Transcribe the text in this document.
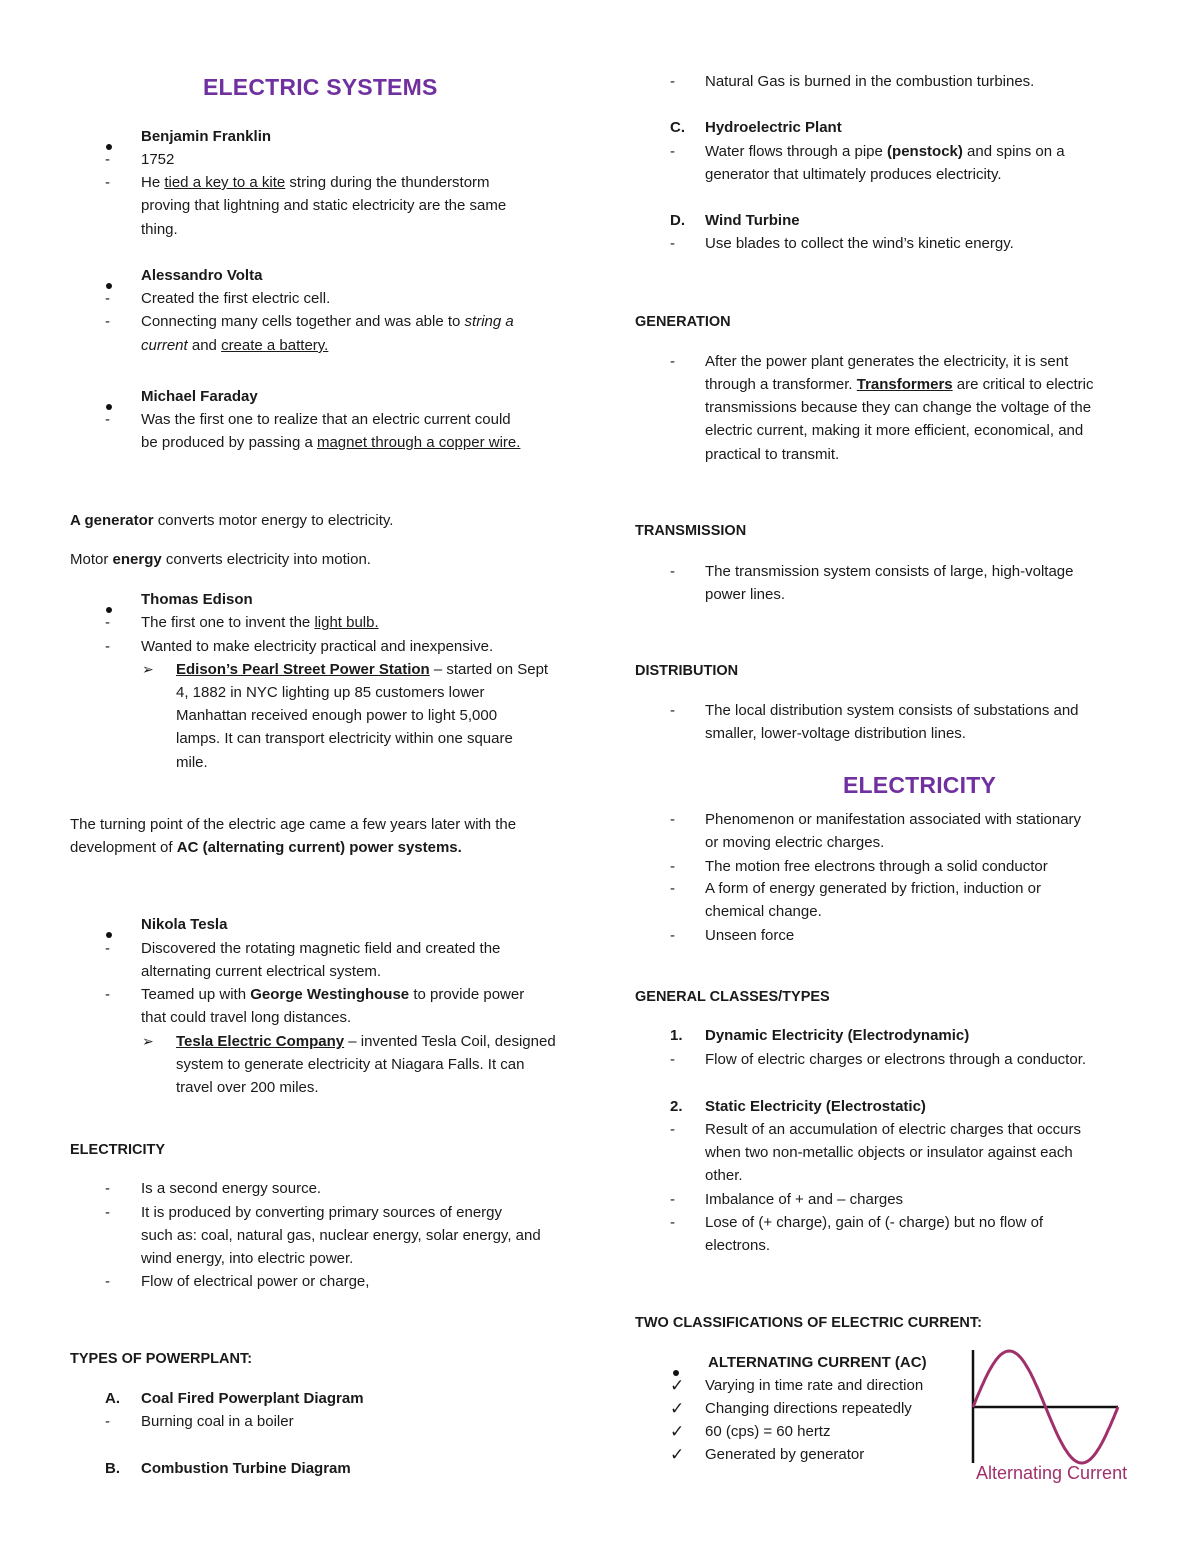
ELECTRIC SYSTEMS
Benjamin Franklin
-	1752
-	He tied a key to a kite string during the thunderstorm
proving that lightning and static electricity are the same
thing.
Alessandro Volta
-	Created the first electric cell.
-	Connecting many cells together and was able to string a
current and create a battery.
Michael Faraday
-	Was the first one to realize that an electric current could
be produced by passing a magnet through a copper wire.
A generator converts motor energy to electricity.
Motor energy converts electricity into motion.
Thomas Edison
-	The first one to invent the light bulb.
-	Wanted to make electricity practical and inexpensive.
➢	Edison’s Pearl Street Power Station – started on Sept
4, 1882 in NYC lighting up 85 customers lower
Manhattan received enough power to light 5,000
lamps. It can transport electricity within one square
mile.
The turning point of the electric age came a few years later with the
development of AC (alternating current) power systems.
Nikola Tesla
-	Discovered the rotating magnetic field and created the
alternating current electrical system.
-	Teamed up with George Westinghouse to provide power
that could travel long distances.
➢	Tesla Electric Company – invented Tesla Coil, designed
system to generate electricity at Niagara Falls. It can
travel over 200 miles.
ELECTRICITY
-	Is a second energy source.
-	It is produced by converting primary sources of energy
such as: coal, natural gas, nuclear energy, solar energy, and
wind energy, into electric power.
-	Flow of electrical power or charge,
TYPES OF POWERPLANT:
A.	Coal Fired Powerplant Diagram
-	Burning coal in a boiler
B.	Combustion Turbine Diagram
-	Natural Gas is burned in the combustion turbines.
C.	Hydroelectric Plant
-	Water flows through a pipe (penstock) and spins on a
generator that ultimately produces electricity.
D.	Wind Turbine
-	Use blades to collect the wind’s kinetic energy.
GENERATION
-	After the power plant generates the electricity, it is sent
through a transformer. Transformers are critical to electric
transmissions because they can change the voltage of the
electric current, making it more efficient, economical, and
practical to transmit.
TRANSMISSION
-	The transmission system consists of large, high-voltage
power lines.
DISTRIBUTION
-	The local distribution system consists of substations and
smaller, lower-voltage distribution lines.
ELECTRICITY
-	Phenomenon or manifestation associated with stationary
or moving electric charges.
-	The motion free electrons through a solid conductor
-	A form of energy generated by friction, induction or
chemical change.
-	Unseen force
GENERAL CLASSES/TYPES
1.	Dynamic Electricity (Electrodynamic)
-	Flow of electric charges or electrons through a conductor.
2.	Static Electricity (Electrostatic)
-	Result of an accumulation of electric charges that occurs
when two non-metallic objects or insulator against each
other.
-	Imbalance of + and – charges
-	Lose of (+ charge), gain of (- charge) but no flow of
electrons.
TWO CLASSIFICATIONS OF ELECTRIC CURRENT:
ALTERNATING CURRENT (AC)
✓	Varying in time rate and direction
✓	Changing directions repeatedly
✓	60 (cps) = 60 hertz
✓	Generated by generator
Alternating Current
